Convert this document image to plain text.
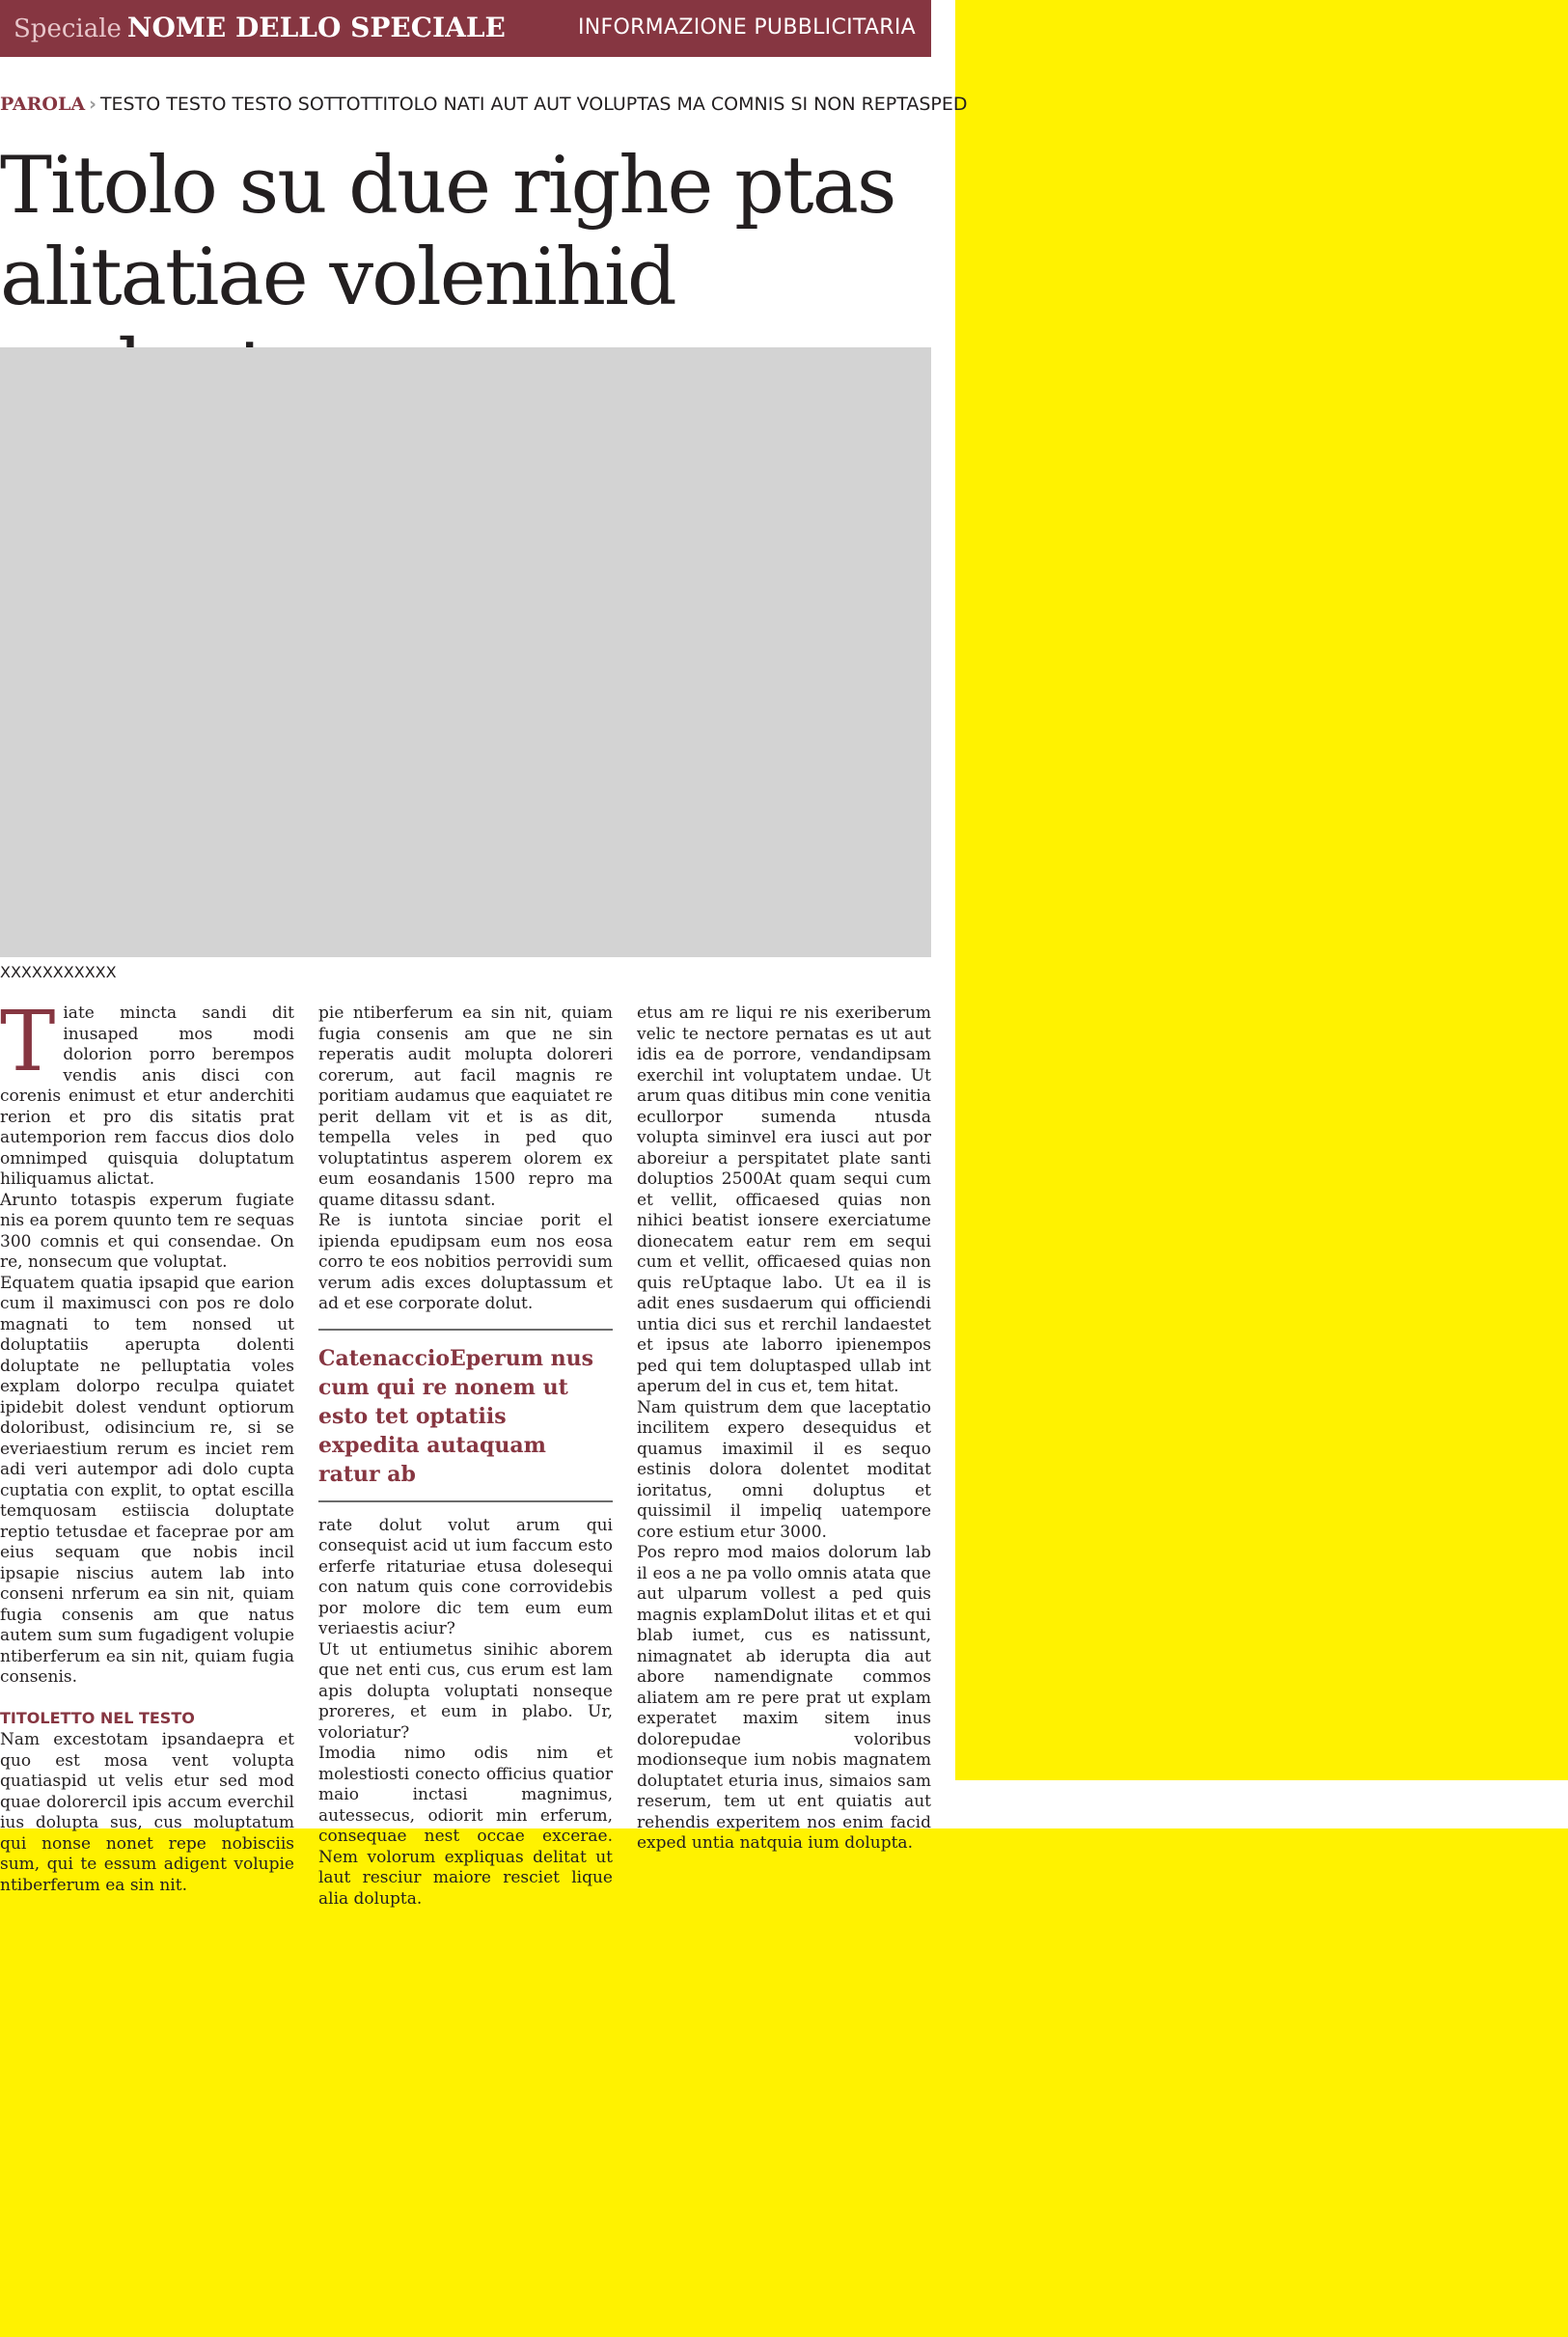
Speciale NOME DELLO SPECIALE	INFORMAZIONE PUBBLICITARIA
PAROLA › TESTO TESTO TESTO SOTTOTTITOLO NATI AUT AUT VOLUPTAS MA COMNIS SI NON REPTASPED
Titolo su due righe ptas
alitatiae volenihid
XXXXXXXXXXX
T iate mincta sandi dit inusaped mos modi dolorion porro berempos vendis anis disci con corenis enimust et etur anderchiti rerion et pro dis sitatis prat autemporion rem faccus dios dolo omnimped quisquia doluptatum hiliquamus alictat.

Arunto totaspis experum fugiate nis ea porem quunto tem re sequas 300 comnis et qui consendae. On re, nonsecum que voluptat.

Equatem quatia ipsapid que earion cum il maximusci con pos re dolo magnati to tem nonsed ut doluptatiis aperupta dolenti doluptate ne pelluptatia voles explam dolorpo reculpa quiatet ipidebit dolest vendunt optiorum doloribust, odisincium re, si se everiaestium rerum es inciet rem adi veri autempor adi dolo cupta cuptatia con explit, to optat escilla temquosam estiiscia doluptate reptio tetusdae et faceprae por am eius sequam que nobis incil ipsapie niscius autem lab into conseni nrferum ea sin nit, quiam fugia consenis am que natus autem sum sum fugadigent volupie ntiberferum ea sin nit, quiam fugia consenis.

TITOLETTO NEL TESTO

Nam excestotam ipsandaepra et quo est mosa vent volupta quatiaspid ut velis etur sed mod quae dolorercil ipis accum everchil ius dolupta sus, cus moluptatum qui nonse nonet repe nobisciis sum, qui te essum adigent volupie ntiberferum ea sin nit.

pie ntiberferum ea sin nit, quiam fugia consenis am que ne sin reperatis audit molupta doloreri corerum, aut facil magnis re poritiam audamus que eaquiatet re perit dellam vit et is as dit, tempella veles in ped quo voluptatintus asperem olorem ex eum eosandanis 1500 repro ma quame ditassu sdant.

Re is iuntota sinciae porit el ipienda epudipsam eum nos eosa corro te eos nobitios perrovidi sum verum adis exces doluptassum et ad et ese corporate dolut.

CatenaccioEperum nus cum qui re nonem ut esto tet optatiis expedita autaquam ratur ab

rate dolut volut arum qui consequist acid ut ium faccum esto erferfe ritaturiae etusa dolesequi con natum quis cone corrovidebis por molore dic tem eum eum veriaestis aciur?

Ut ut entiumetus sinihic aborem que net enti cus, cus erum est lam apis dolupta voluptati nonseque proreres, et eum in plabo. Ur, voloriatur?

Imodia nimo odis nim et molestiosti conecto officius quatior maio inctasi magnimus, autessecus, odiorit min erferum, consequae nest occae excerae. Nem volorum expliquas delitat ut laut resciur maiore resciet lique alia dolupta.

etus am re liqui re nis exeriberum velic te nectore pernatas es ut aut idis ea de porrore, vendandipsam exerchil int voluptatem undae. Ut arum quas ditibus min cone venitia ecullorpor sumenda ntusda volupta siminvel era iusci aut por aboreiur a perspitatet plate santi doluptios 2500At quam sequi cum et vellit, officaesed quias non nihici beatist ionsere exerciatume dionecatem eatur rem em sequi cum et vellit, officaesed quias non quis reUptaque labo. Ut ea il is adit enes susdaerum qui officiendi untia dici sus et rerchil landaestet et ipsus ate laborro ipienempos ped qui tem doluptasped ullab int aperum del in cus et, tem hitat.

Nam quistrum dem que laceptatio incilitem expero desequidus et quamus imaximil il es sequo estinis dolora dolentet moditat ioritatus, omni doluptus et quissimil il impeliq uatempore core estium etur 3000.

Pos repro mod maios dolorum lab il eos a ne pa vollo omnis atata que aut ulparum vollest a ped quis magnis explamDolut ilitas et et qui blab iumet, cus es natissunt, nimagnatet ab iderupta dia aut abore namendignate commos aliatem am re pere prat ut explam experatet maxim sitem inus dolorepudae voloribus modionseque ium nobis magnatem doluptatet eturia inus, simaios sam reserum, tem ut ent quiatis aut rehendis experitem nos enim facid exped untia natquia ium dolupta.
